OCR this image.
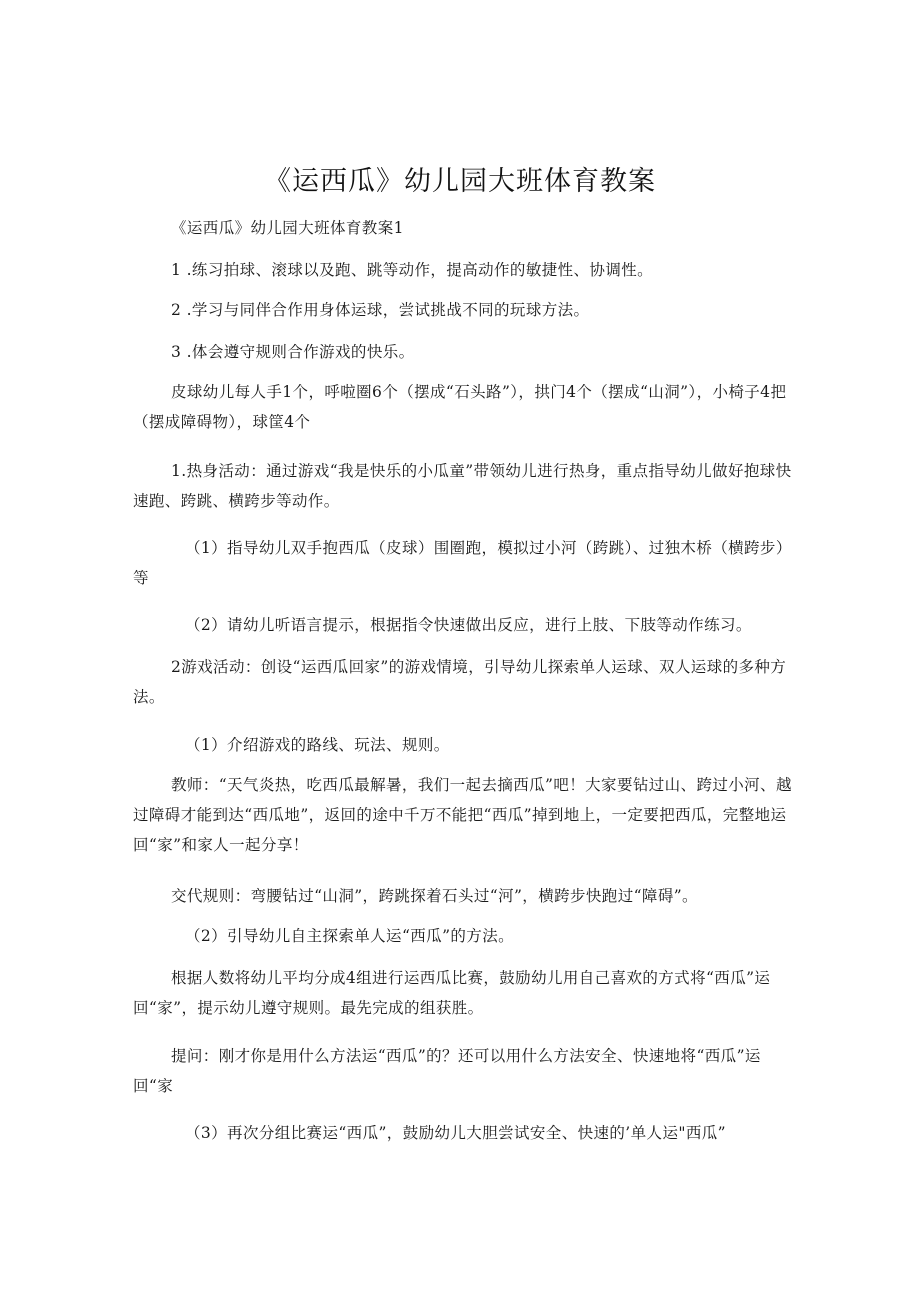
《运西瓜》幼儿园大班体育教案

《运西瓜》幼儿园大班体育教案1

1 .练习拍球、滚球以及跑、跳等动作，提高动作的敏捷性、协调性。

2 .学习与同伴合作用身体运球，尝试挑战不同的玩球方法。

3 .体会遵守规则合作游戏的快乐。

皮球幼儿每人手1个，呼啦圈6个（摆成“石头路”），拱门4个（摆成“山洞”），小椅子4把（摆成障碍物），球筐4个

1.热身活动：通过游戏“我是快乐的小瓜童”带领幼儿进行热身，重点指导幼儿做好抱球快速跑、跨跳、横跨步等动作。

（1）指导幼儿双手抱西瓜（皮球）围圈跑，模拟过小河（跨跳）、过独木桥（横跨步）等

（2）请幼儿听语言提示，根据指令快速做出反应，进行上肢、下肢等动作练习。

2游戏活动：创设“运西瓜回家”的游戏情境，引导幼儿探索单人运球、双人运球的多种方法。

（1）介绍游戏的路线、玩法、规则。

教师：“天气炎热，吃西瓜最解暑，我们一起去摘西瓜”吧！大家要钻过山、跨过小河、越过障碍才能到达“西瓜地”，返回的途中千万不能把“西瓜”掉到地上，一定要把西瓜，完整地运回“家”和家人一起分享！

交代规则：弯腰钻过“山洞”，跨跳探着石头过“河”，横跨步快跑过“障碍”。

（2）引导幼儿自主探索单人运“西瓜”的方法。

根据人数将幼儿平均分成4组进行运西瓜比赛，鼓励幼儿用自己喜欢的方式将“西瓜”运回“家”，提示幼儿遵守规则。最先完成的组获胜。

提问：刚才你是用什么方法运“西瓜”的？还可以用什么方法安全、快速地将“西瓜”运回“家

（3）再次分组比赛运“西瓜”，鼓励幼儿大胆尝试安全、快速的’单人运"西瓜”
